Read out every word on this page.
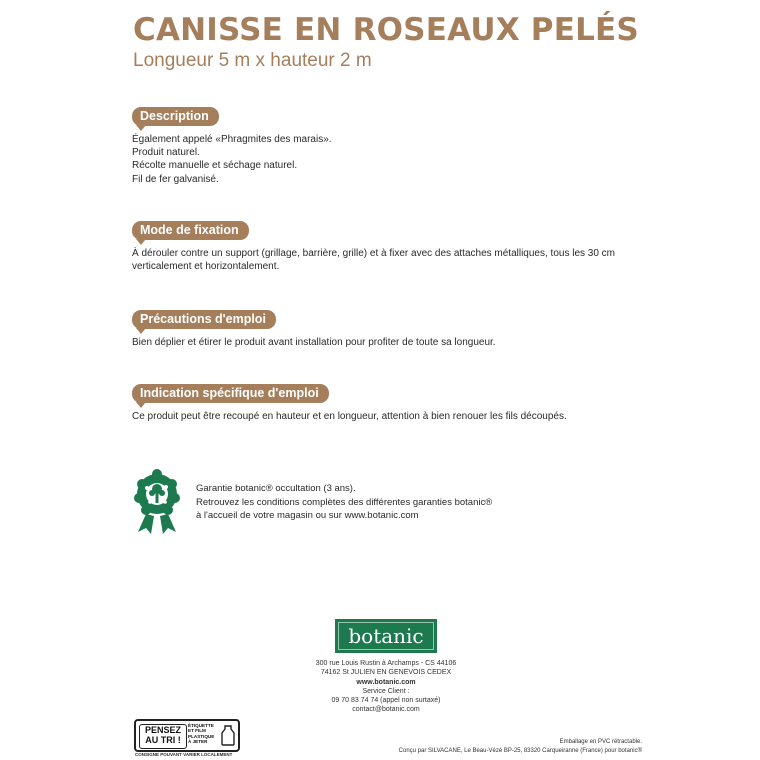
CANISSE EN ROSEAUX PELÉS
Longueur 5 m x hauteur 2 m
Description
Également appelé «Phragmites des marais».
Produit naturel.
Récolte manuelle et séchage naturel.
Fil de fer galvanisé.
Mode de fixation
À dérouler contre un support (grillage, barrière, grille) et à fixer avec des attaches métalliques, tous les 30 cm
verticalement et horizontalement.
Précautions d'emploi
Bien déplier et étirer le produit avant installation pour profiter de toute sa longueur.
Indication spécifique d'emploi
Ce produit peut être recoupé en hauteur et en longueur, attention à bien renouer les fils découpés.
Garantie botanic® occultation (3 ans).
Retrouvez les conditions complètes des différentes garanties botanic®
à l'accueil de votre magasin ou sur www.botanic.com
botanic
300 rue Louis Rustin à Archamps - CS 44106
74162 St JULIEN EN GENEVOIS CEDEX
www.botanic.com
Service Client :
09 70 83 74 74 (appel non surtaxé)
contact@botanic.com
PENSEZ
AU TRI !
ÉTIQUETTE ET FILM PLASTIQUE À JETER
CONSIGNE POUVANT VARIER LOCALEMENT
Emballage en PVC rétractable.
Conçu par SILVACANE, Le Beau-Vézé BP-25, 83320 Carqueiranne (France) pour botanic®
